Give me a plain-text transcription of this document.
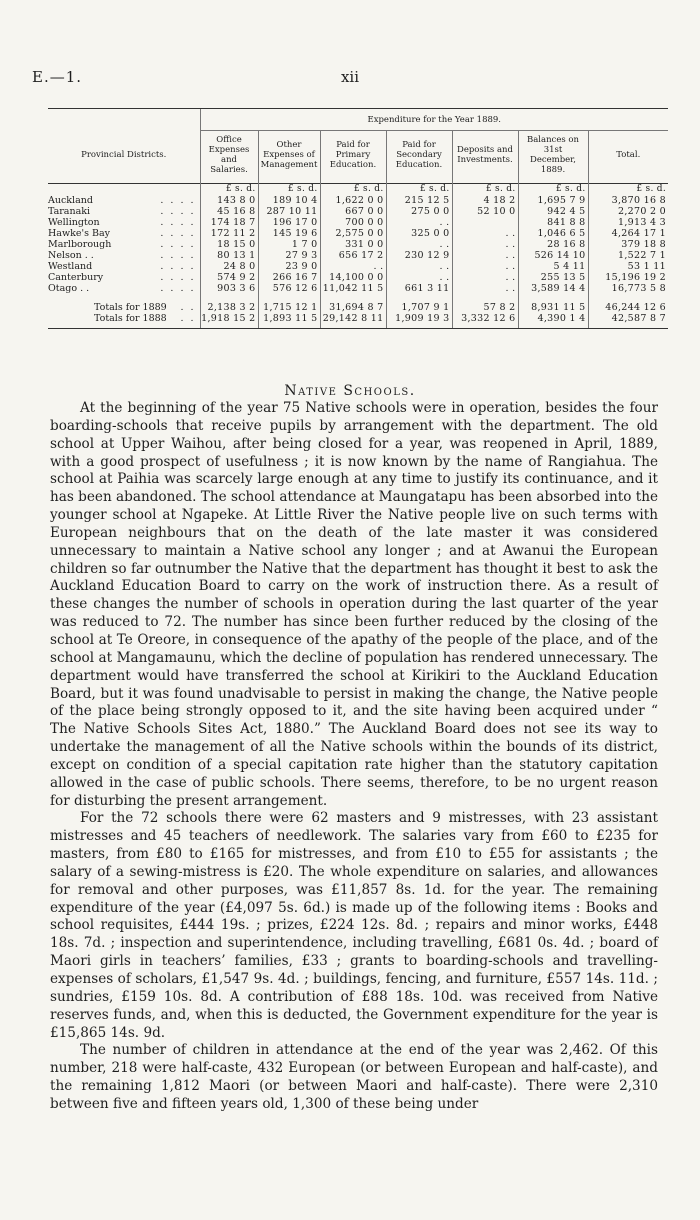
E.—1.	xii
	Expenditure for the Year 1889.						
Provincial Districts.	Office Expenses and Salaries.	Other Expenses of Management	Paid for Primary Education.	Paid for Secondary Education.	Deposits and Investments.	Balances on 31st December, 1889.	Total.
	£ s. d.	£ s. d.	£ s. d.	£ s. d.	£ s. d.	£ s. d.	£ s. d.
Auckland . . . .	143 8 0	189 10 4	1,622 0 0	215 12 5	4 18 2	1,695 7 9	3,870 16 8
Taranaki . . . .	45 16 8	287 10 11	667 0 0	275 0 0	52 10 0	942 4 5	2,270 2 0
Wellington . . . .	174 18 7	196 17 0	700 0 0	. .		841 8 8	1,913 4 3
Hawke's Bay . . . .	172 11 2	145 19 6	2,575 0 0	325 0 0	. .	1,046 6 5	4,264 17 1
Marlborough . . . .	18 15 0	1 7 0	331 0 0	. .	. .	28 16 8	379 18 8
Nelson . . . . . .	80 13 1	27 9 3	656 17 2	230 12 9	. .	526 14 10	1,522 7 1
Westland . . . .	24 8 0	23 9 0	. .	. .	. .	5 4 11	53 1 11
Canterbury . . . .	574 9 2	266 16 7	14,100 0 0	. .	. .	255 13 5	15,196 19 2
Otago . . . . . .	903 3 6	576 12 6	11,042 11 5	661 3 11	. .	3,589 14 4	16,773 5 8

Totals for 1889 . .	2,138 3 2	1,715 12 1	31,694 8 7	1,707 9 1	57 8 2	8,931 11 5	46,244 12 6
Totals for 1888 . .	1,918 15 2	1,893 11 5	29,142 8 11	1,909 19 3	3,332 12 6	4,390 1 4	42,587 8 7

Native Schools.

At the beginning of the year 75 Native schools were in operation, besides the four boarding-schools that receive pupils by arrangement with the department. The old school at Upper Waihou, after being closed for a year, was reopened in April, 1889, with a good prospect of usefulness ; it is now known by the name of Rangiahua. The school at Paihia was scarcely large enough at any time to justify its continuance, and it has been abandoned. The school attendance at Maungatapu has been absorbed into the younger school at Ngapeke. At Little River the Native people live on such terms with European neighbours that on the death of the late master it was considered unnecessary to maintain a Native school any longer ; and at Awanui the European children so far outnumber the Native that the department has thought it best to ask the Auckland Education Board to carry on the work of instruction there. As a result of these changes the number of schools in operation during the last quarter of the year was reduced to 72. The number has since been further reduced by the closing of the school at Te Oreore, in consequence of the apathy of the people of the place, and of the school at Mangamaunu, which the decline of population has rendered unnecessary. The department would have transferred the school at Kirikiri to the Auckland Education Board, but it was found unadvisable to persist in making the change, the Native people of the place being strongly opposed to it, and the site having been acquired under “ The Native Schools Sites Act, 1880.” The Auckland Board does not see its way to undertake the management of all the Native schools within the bounds of its district, except on condition of a special capitation rate higher than the statutory capitation allowed in the case of public schools. There seems, therefore, to be no urgent reason for disturbing the present arrangement.

For the 72 schools there were 62 masters and 9 mistresses, with 23 assistant mistresses and 45 teachers of needlework. The salaries vary from £60 to £235 for masters, from £80 to £165 for mistresses, and from £10 to £55 for assistants ; the salary of a sewing-mistress is £20. The whole expenditure on salaries, and allowances for removal and other purposes, was £11,857 8s. 1d. for the year. The remaining expenditure of the year (£4,097 5s. 6d.) is made up of the following items : Books and school requisites, £444 19s. ; prizes, £224 12s. 8d. ; repairs and minor works, £448 18s. 7d. ; inspection and superintendence, including travelling, £681 0s. 4d. ; board of Maori girls in teachers’ families, £33 ; grants to boarding-schools and travelling-expenses of scholars, £1,547 9s. 4d. ; buildings, fencing, and furniture, £557 14s. 11d. ; sundries, £159 10s. 8d. A contribution of £88 18s. 10d. was received from Native reserves funds, and, when this is deducted, the Government expenditure for the year is £15,865 14s. 9d.

The number of children in attendance at the end of the year was 2,462. Of this number, 218 were half-caste, 432 European (or between European and half-caste), and the remaining 1,812 Maori (or between Maori and half-caste). There were 2,310 between five and fifteen years old, 1,300 of these being under
